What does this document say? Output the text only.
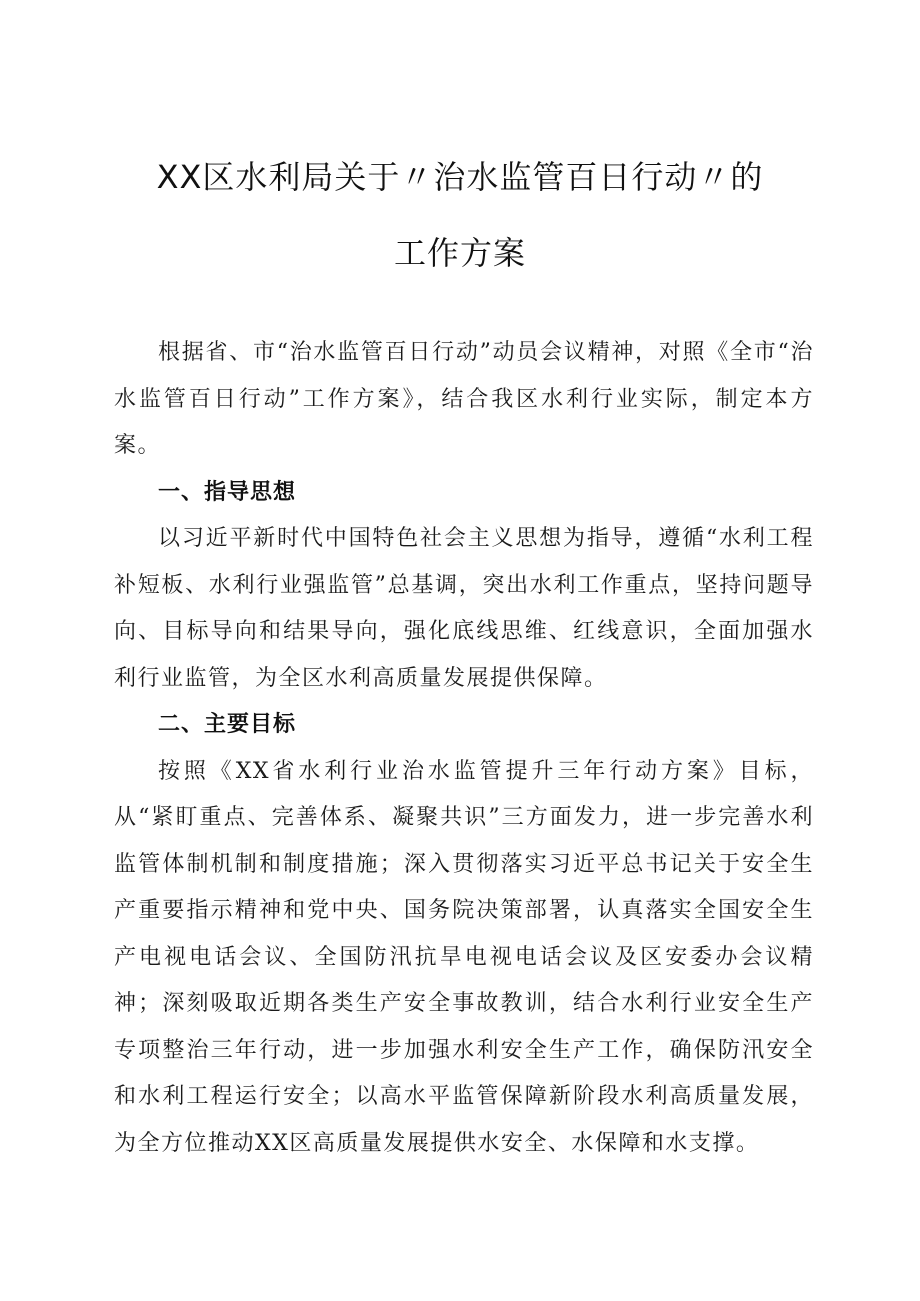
XX区水利局关于〃治水监管百日行动〃的
工作方案

根据省、市“治水监管百日行动”动员会议精神，对照《全市“治水监管百日行动”工作方案》，结合我区水利行业实际，制定本方案。

一、指导思想

以习近平新时代中国特色社会主义思想为指导，遵循“水利工程补短板、水利行业强监管”总基调，突出水利工作重点，坚持问题导向、目标导向和结果导向，强化底线思维、红线意识，全面加强水利行业监管，为全区水利高质量发展提供保障。

二、主要目标

按照《XX省水利行业治水监管提升三年行动方案》目标，从“紧盯重点、完善体系、凝聚共识”三方面发力，进一步完善水利监管体制机制和制度措施；深入贯彻落实习近平总书记关于安全生产重要指示精神和党中央、国务院决策部署，认真落实全国安全生产电视电话会议、全国防汛抗旱电视电话会议及区安委办会议精神；深刻吸取近期各类生产安全事故教训，结合水利行业安全生产专项整治三年行动，进一步加强水利安全生产工作，确保防汛安全和水利工程运行安全；以高水平监管保障新阶段水利高质量发展，为全方位推动XX区高质量发展提供水安全、水保障和水支撑。
